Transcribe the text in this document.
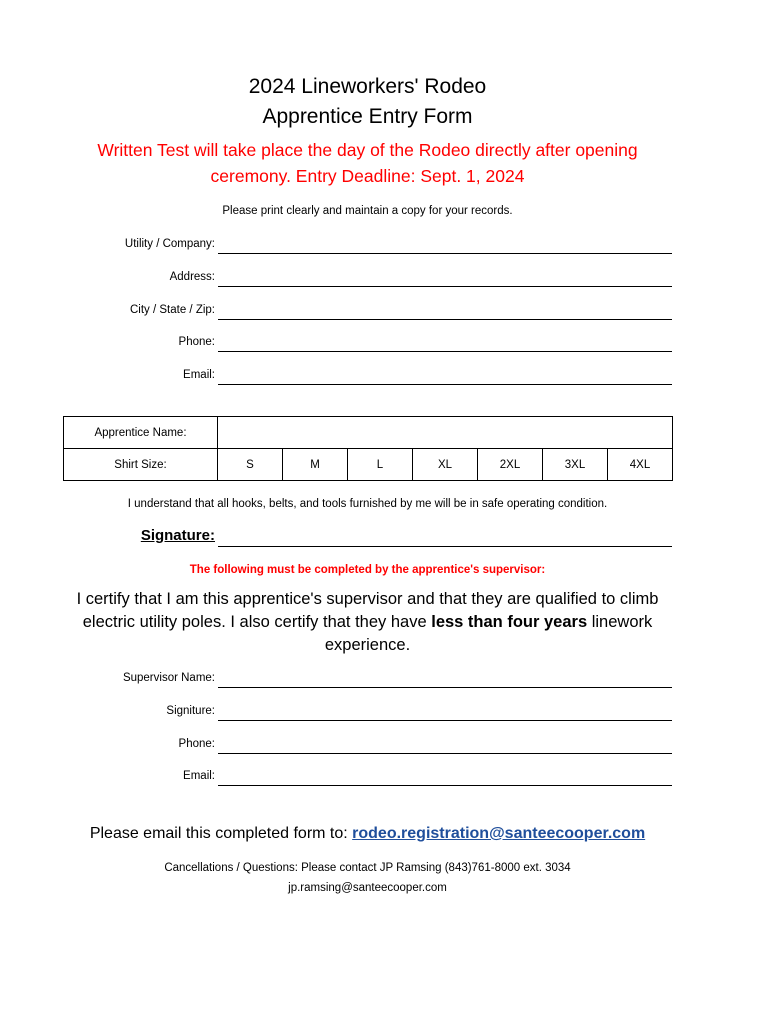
2024 Lineworkers' Rodeo
Apprentice Entry Form
Written Test will take place the day of the Rodeo directly after opening
ceremony. Entry Deadline: Sept. 1, 2024
Please print clearly and maintain a copy for your records.
Utility / Company:
Address:
City / State / Zip:
Phone:
Email:
Apprentice Name:							
Shirt Size:	S	M	L	XL	2XL	3XL	4XL
I understand that all hooks, belts, and tools furnished by me will be in safe operating condition.
Signature:
The following must be completed by the apprentice's supervisor:
I certify that I am this apprentice's supervisor and that they are qualified to climb
electric utility poles. I also certify that they have less than four years linework
experience.
Supervisor Name:
Signiture:
Phone:
Email:
Please email this completed form to: rodeo.registration@santeecooper.com
Cancellations / Questions: Please contact JP Ramsing (843)761-8000 ext. 3034
jp.ramsing@santeecooper.com
